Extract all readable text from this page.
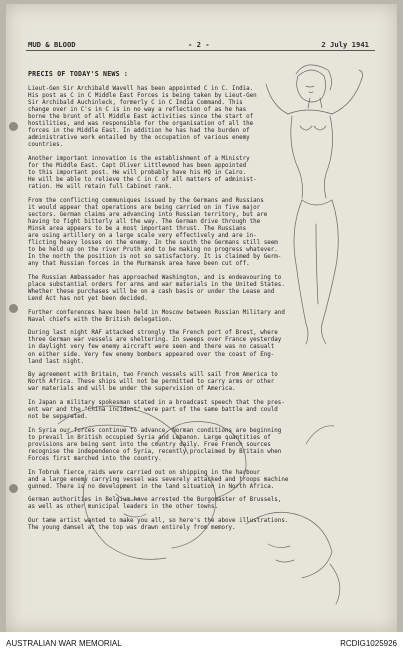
MUD & BLOOD	- 2 -	2 July 1941
PRECIS OF TODAY'S NEWS :

Lieut-Gen Sir Archibald Wavell has been appointed C in C. India.
His post as C in C Middle East Forces is being taken by Lieut-Gen
Sir Archibald Auchinleck, formerly C in C India Command. This
change over in C's in C is in no way a reflection of as he has
borne the brunt of all Middle East activities since the start of
hostilities, and was responsible for the organisation of all the
forces in the Middle East. In addition he has had the burden of
administrative work entailed by the occupation of various enemy
countries.

Another important innovation is the establishment of a Ministry
for the Middle East. Capt Oliver Littlewood has been appointed
to this important post. He will probably have his HQ in Cairo.
He will be able to relieve the C in C of all matters of administ-
ration. He will retain full Cabinet rank.

From the conflicting communiques issued by the Germans and Russians
it would appear that operations are being carried on in five major
sectors. German claims are advancing into Russian territory, but are
having to fight bitterly all the way. The German drive through the
Minsk area appears to be a most important thrust. The Russians
are using artillery on a large scale very effectively and are in-
flicting heavy losses on the enemy. In the south the Germans still seem
to be held up on the river Pruth and to be making no progress whatever.
In the north the position is not so satisfactory. It is claimed by Germ-
any that Russian forces in the Murmansk area have been cut off.

The Russian Ambassador has approached Washington, and is endeavouring to
place substantial orders for arms and war materials in the United States.
Whether these purchases will be on a cash basis or under the Lease and
Lend Act has not yet been decided.

Further conferences have been held in Moscow between Russian Military and
Naval chiefs with the British delegation.

During last night RAF attacked strongly the French port of Brest, where
three German war vessels are sheltering. In sweeps over France yesterday
in daylight very few enemy aircraft were seen and there was no casualt
on either side. Very few enemy bombers appeared over the coast of Eng-
land last night.

By agreement with Britain, two French vessels will sail from America to
North Africa. These ships will not be permitted to carry arms or other
war materials and will be under the supervision of America.

In Japan a military spokesman stated in a broadcast speech that the pres-
ent war and the "China incident" were part of the same battle and could
not be separated.

In Syria our forces continue to advance. Norman conditions are beginning
to prevail in British occupied Syria and Lebanon. Large quantities of
provisions are being sent into the country daily. Free French sources
recognise the independence of Syria, recently proclaimed by Britain when
Forces first marched into the country.

In Tobruk fierce raids were carried out on shipping in the harbour
and a large enemy carrying vessel was severely attacked and troops machine
gunned. There is no development in the land situation in North Africa.

German authorities in Belgium have arrested the Burgomaster of Brussels,
as well as other municipal leaders in the other towns.

Our tame artist wanted to make you all, so here's the above illustrations.
The young damsel at the top was drawn entirely from memory.

AUSTRALIAN WAR MEMORIAL	RCDIG1025926
